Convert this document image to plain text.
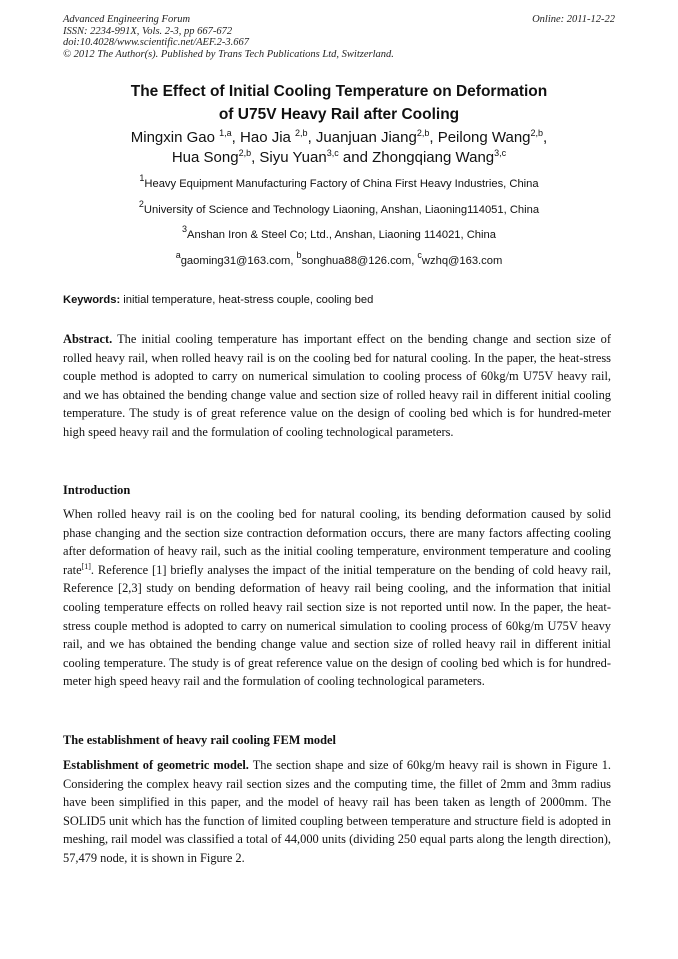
Advanced Engineering Forum	Online: 2011-12-22
ISSN: 2234-991X, Vols. 2-3, pp 667-672
doi:10.4028/www.scientific.net/AEF.2-3.667
© 2012 The Author(s). Published by Trans Tech Publications Ltd, Switzerland.
The Effect of Initial Cooling Temperature on Deformation
of U75V Heavy Rail after Cooling
Mingxin Gao $^{1,a}$, Hao Jia $^{2,b}$, Juanjuan Jiang$^{2,b}$, Peilong Wang$^{2,b}$,
Hua Song$^{2,b}$, Siyu Yuan$^{3,c}$ and Zhongqiang Wang$^{3,c}$
$^1$Heavy Equipment Manufacturing Factory of China First Heavy Industries, China
$^2$University of Science and Technology Liaoning, Anshan, Liaoning114051, China
$^3$Anshan Iron & Steel Co; Ltd., Anshan, Liaoning 114021, China
$^a$gaoming31@163.com, $^b$songhua88@126.com, $^c$wzhq@163.com
Keywords: initial temperature, heat-stress couple, cooling bed

Abstract. The initial cooling temperature has important effect on the bending change and section size of rolled heavy rail, when rolled heavy rail is on the cooling bed for natural cooling. In the paper, the heat-stress couple method is adopted to carry on numerical simulation to cooling process of 60kg/m U75V heavy rail, and we has obtained the bending change value and section size of rolled heavy rail in different initial cooling temperature. The study is of great reference value on the design of cooling bed which is for hundred-meter high speed heavy rail and the formulation of cooling technological parameters.

Introduction

When rolled heavy rail is on the cooling bed for natural cooling, its bending deformation caused by solid phase changing and the section size contraction deformation occurs, there are many factors affecting cooling after deformation of heavy rail, such as the initial cooling temperature, environment temperature and cooling rate[1]. Reference [1] briefly analyses the impact of the initial temperature on the bending of cold heavy rail, Reference [2,3] study on bending deformation of heavy rail being cooling, and the information that initial cooling temperature effects on rolled heavy rail section size is not reported until now. In the paper, the heat-stress couple method is adopted to carry on numerical simulation to cooling process of 60kg/m U75V heavy rail, and we has obtained the bending change value and section size of rolled heavy rail in different initial cooling temperature. The study is of great reference value on the design of cooling bed which is for hundred-meter high speed heavy rail and the formulation of cooling technological parameters.

The establishment of heavy rail cooling FEM model

Establishment of geometric model. The section shape and size of 60kg/m heavy rail is shown in Figure 1. Considering the complex heavy rail section sizes and the computing time, the fillet of 2mm and 3mm radius have been simplified in this paper, and the model of heavy rail has been taken as length of 2000mm. The SOLID5 unit which has the function of limited coupling between temperature and structure field is adopted in meshing, rail model was classified a total of 44,000 units (dividing 250 equal parts along the length direction), 57,479 node, it is shown in Figure 2.
